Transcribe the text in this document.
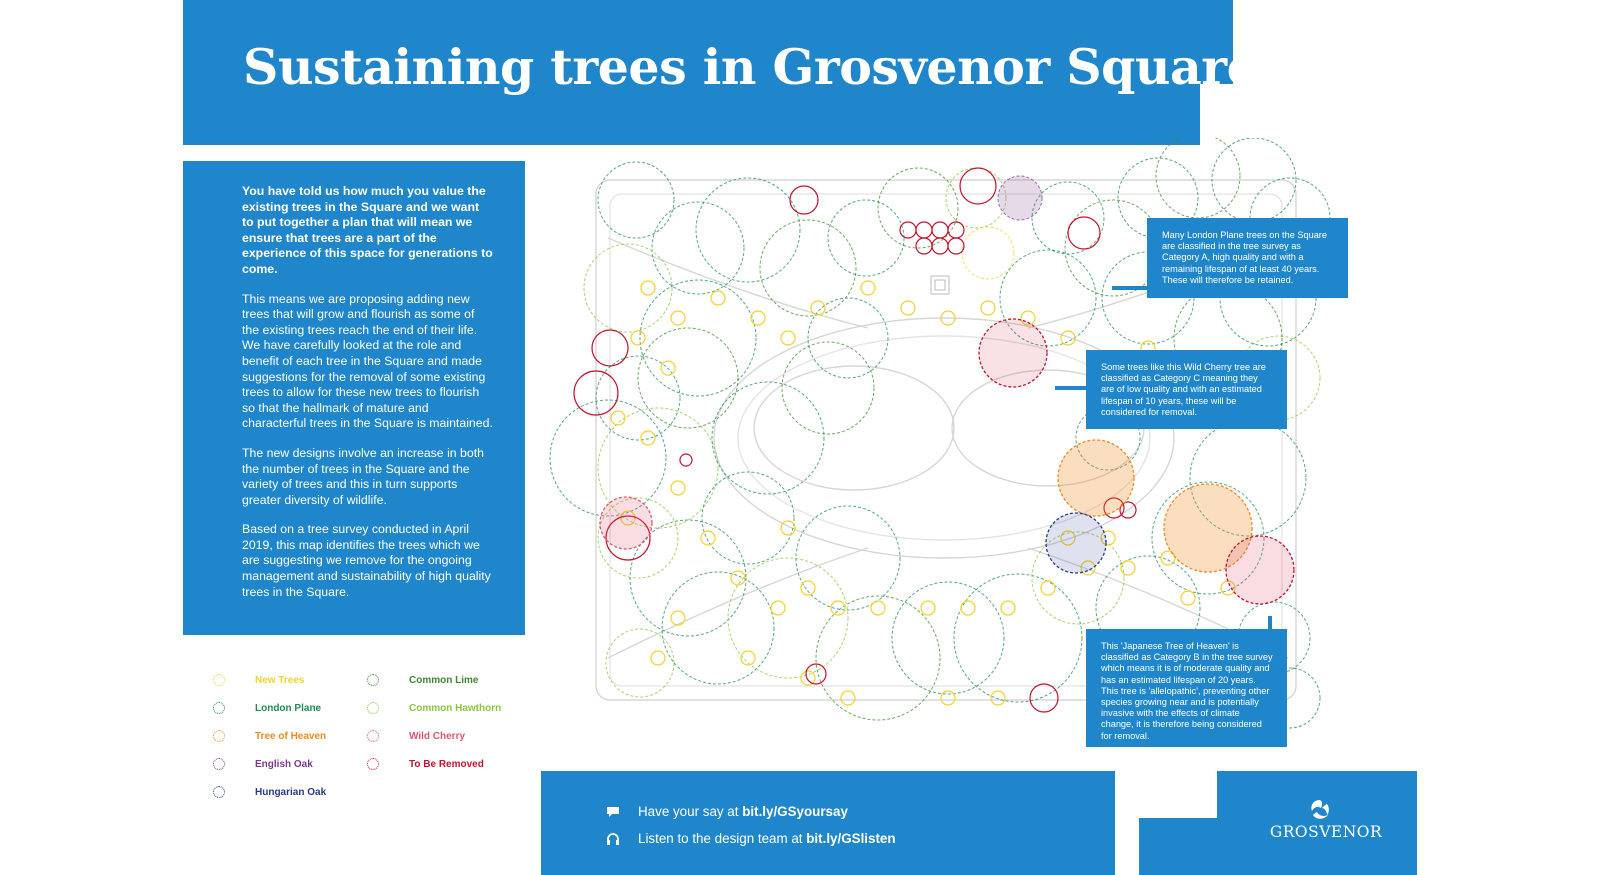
Sustaining trees in Grosvenor Square

You have told us how much you value the existing trees in the Square and we want to put together a plan that will mean we ensure that trees are a part of the experience of this space for generations to come.

This means we are proposing adding new trees that will grow and flourish as some of the existing trees reach the end of their life. We have carefully looked at the role and benefit of each tree in the Square and made suggestions for the removal of some existing trees to allow for these new trees to flourish so that the hallmark of mature and characterful trees in the Square is maintained.

The new designs involve an increase in both the number of trees in the Square and the variety of trees and this in turn supports greater diversity of wildlife.

Based on a tree survey conducted in April 2019, this map identifies the trees which we are suggesting we remove for the ongoing management and sustainability of high quality trees in the Square.

New Trees
London Plane
Tree of Heaven
English Oak
Hungarian Oak
Common Lime
Common Hawthorn
Wild Cherry
To Be Removed
Many London Plane trees on the Square are classified in the tree survey as Category A, high quality and with a remaining lifespan of at least 40 years. These will therefore be retained.
Some trees like this Wild Cherry tree are classified as Category C meaning they are of low quality and with an estimated lifespan of 10 years, these will be considered for removal.
This 'Japanese Tree of Heaven' is classified as Category B in the tree survey which means it is of moderate quality and has an estimated lifespan of 20 years. This tree is 'allelopathic', preventing other species growing near and is potentially invasive with the effects of climate change, it is therefore being considered for removal.
Have your say at
bit.ly/GSyoursay
Listen to the design team at
bit.ly/GSlisten	GROSVENOR
